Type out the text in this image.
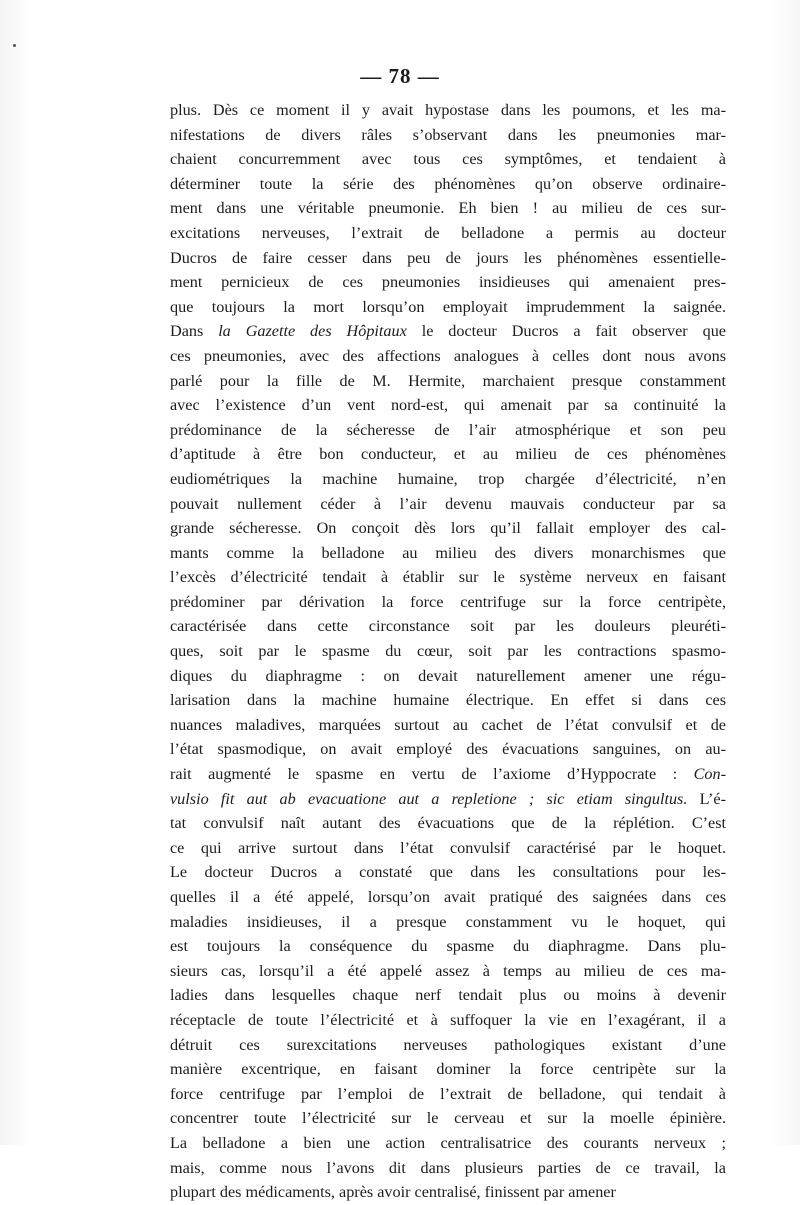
— 78 —
plus. Dès ce moment il y avait hypostase dans les poumons, et les ma-
nifestations de divers râles s’observant dans les pneumonies mar-
chaient concurremment avec tous ces symptômes, et tendaient à
déterminer toute la série des phénomènes qu’on observe ordinaire-
ment dans une véritable pneumonie. Eh bien ! au milieu de ces sur-
excitations nerveuses, l’extrait de belladone a permis au docteur
Ducros de faire cesser dans peu de jours les phénomènes essentielle-
ment pernicieux de ces pneumonies insidieuses qui amenaient pres-
que toujours la mort lorsqu’on employait imprudemment la saignée.
Dans la Gazette des Hôpitaux le docteur Ducros a fait observer que
ces pneumonies, avec des affections analogues à celles dont nous avons
parlé pour la fille de M. Hermite, marchaient presque constamment
avec l’existence d’un vent nord-est, qui amenait par sa continuité la
prédominance de la sécheresse de l’air atmosphérique et son peu
d’aptitude à être bon conducteur, et au milieu de ces phénomènes
eudiométriques la machine humaine, trop chargée d’électricité, n’en
pouvait nullement céder à l’air devenu mauvais conducteur par sa
grande sécheresse. On conçoit dès lors qu’il fallait employer des cal-
mants comme la belladone au milieu des divers monarchismes que
l’excès d’électricité tendait à établir sur le système nerveux en faisant
prédominer par dérivation la force centrifuge sur la force centripète,
caractérisée dans cette circonstance soit par les douleurs pleuréti-
ques, soit par le spasme du cœur, soit par les contractions spasmo-
diques du diaphragme : on devait naturellement amener une régu-
larisation dans la machine humaine électrique. En effet si dans ces
nuances maladives, marquées surtout au cachet de l’état convulsif et de
l’état spasmodique, on avait employé des évacuations sanguines, on au-
rait augmenté le spasme en vertu de l’axiome d’Hyppocrate : Con-
vulsio fit aut ab evacuatione aut a repletione ; sic etiam singultus. L’é-
tat convulsif naît autant des évacuations que de la réplétion. C’est
ce qui arrive surtout dans l’état convulsif caractérisé par le hoquet.
Le docteur Ducros a constaté que dans les consultations pour les-
quelles il a été appelé, lorsqu’on avait pratiqué des saignées dans ces
maladies insidieuses, il a presque constamment vu le hoquet, qui
est toujours la conséquence du spasme du diaphragme. Dans plu-
sieurs cas, lorsqu’il a été appelé assez à temps au milieu de ces ma-
ladies dans lesquelles chaque nerf tendait plus ou moins à devenir
réceptacle de toute l’électricité et à suffoquer la vie en l’exagérant, il a
détruit ces surexcitations nerveuses pathologiques existant d’une
manière excentrique, en faisant dominer la force centripète sur la
force centrifuge par l’emploi de l’extrait de belladone, qui tendait à
concentrer toute l’électricité sur le cerveau et sur la moelle épinière.
La belladone a bien une action centralisatrice des courants nerveux ;
mais, comme nous l’avons dit dans plusieurs parties de ce travail, la
plupart des médicaments, après avoir centralisé, finissent par amener
